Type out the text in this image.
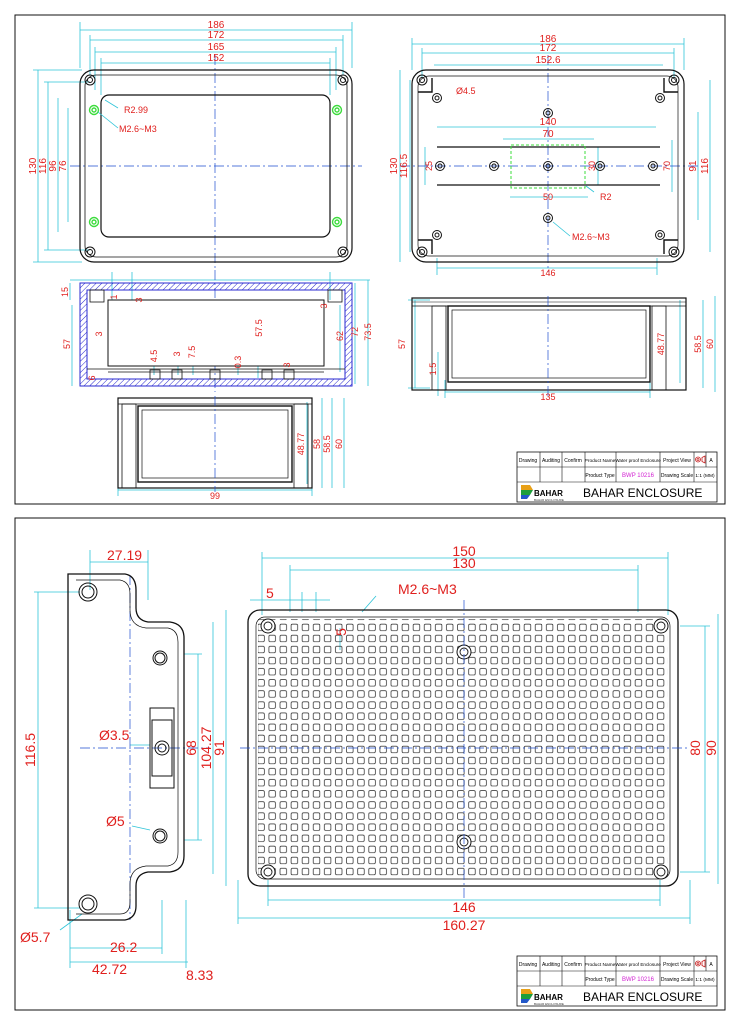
186
172
165
152
130 116 96 76
R2.99
M2.6~M3
186
172
152.6
130 116.5	91 116
Ø4.5
140
70
25	30	70
50	R2
M2.6~M3
146
15	1
3
3
3
57
57.5	62 72 73.5
4.5 3 7.5
0.3	3
6
57
1.5
48.77	58.5 60
135
48.77 58 58.5 60
99
Drawing Auditing Confirm Product Name Water proof Enclosure Project View	A
Product Type BWP 10216 Drawing Scale 1:1 (MM)
BAHAR
BAHAR ENCLOSURE BAHAR ENCLOSURE
27.19
116.5	Ø3.5
68 104.27
91
Ø5
Ø5.7
26.2
42.72	8.33
150
130
5	M2.6~M3
5
80 90
146
160.27
Drawing Auditing Confirm Product Name Water proof Enclosure Project View	A
Product Type BWP 10216 Drawing Scale 1:1 (MM)
BAHAR
BAHAR ENCLOSURE BAHAR ENCLOSURE
